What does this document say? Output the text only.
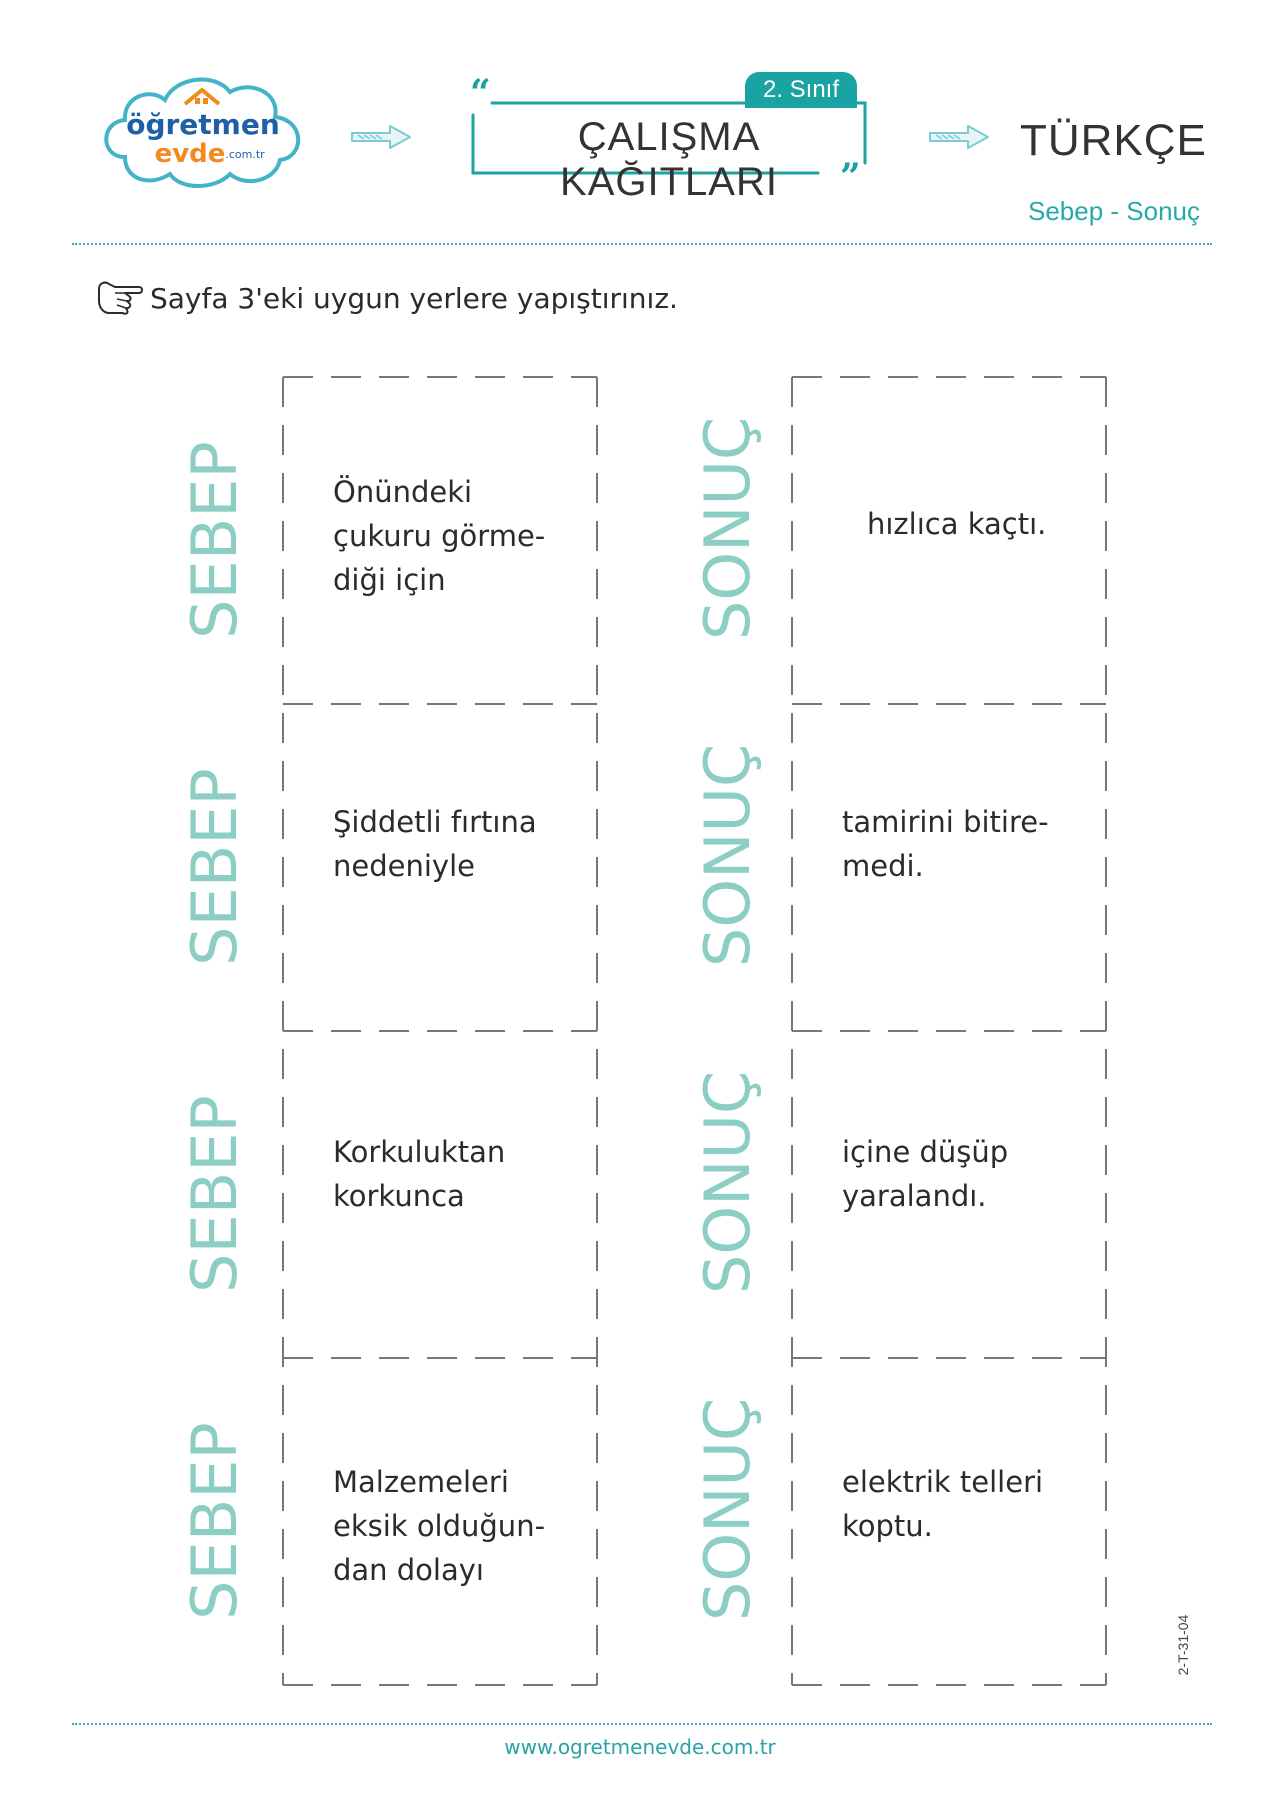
öğretmen
evde .com.tr
“
”
ÇALIŞMA KAĞITLARI
2. Sınıf
TÜRKÇE
Sebep - Sonuç
Sayfa 3'eki uygun yerlere yapıştırınız.
SEBEP	Önündeki
çukuru görme-
diği için	SONUÇ	hızlıca kaçtı.
SEBEP	Şiddetli fırtına
nedeniyle	SONUÇ	tamirini bitire-
medi.
SEBEP	Korkuluktan
korkunca	SONUÇ	içine düşüp
yaralandı.
SEBEP	Malzemeleri
eksik olduğun-
dan dolayı	SONUÇ	elektrik telleri
koptu.
2-T-31-04
www.ogretmenevde.com.tr
